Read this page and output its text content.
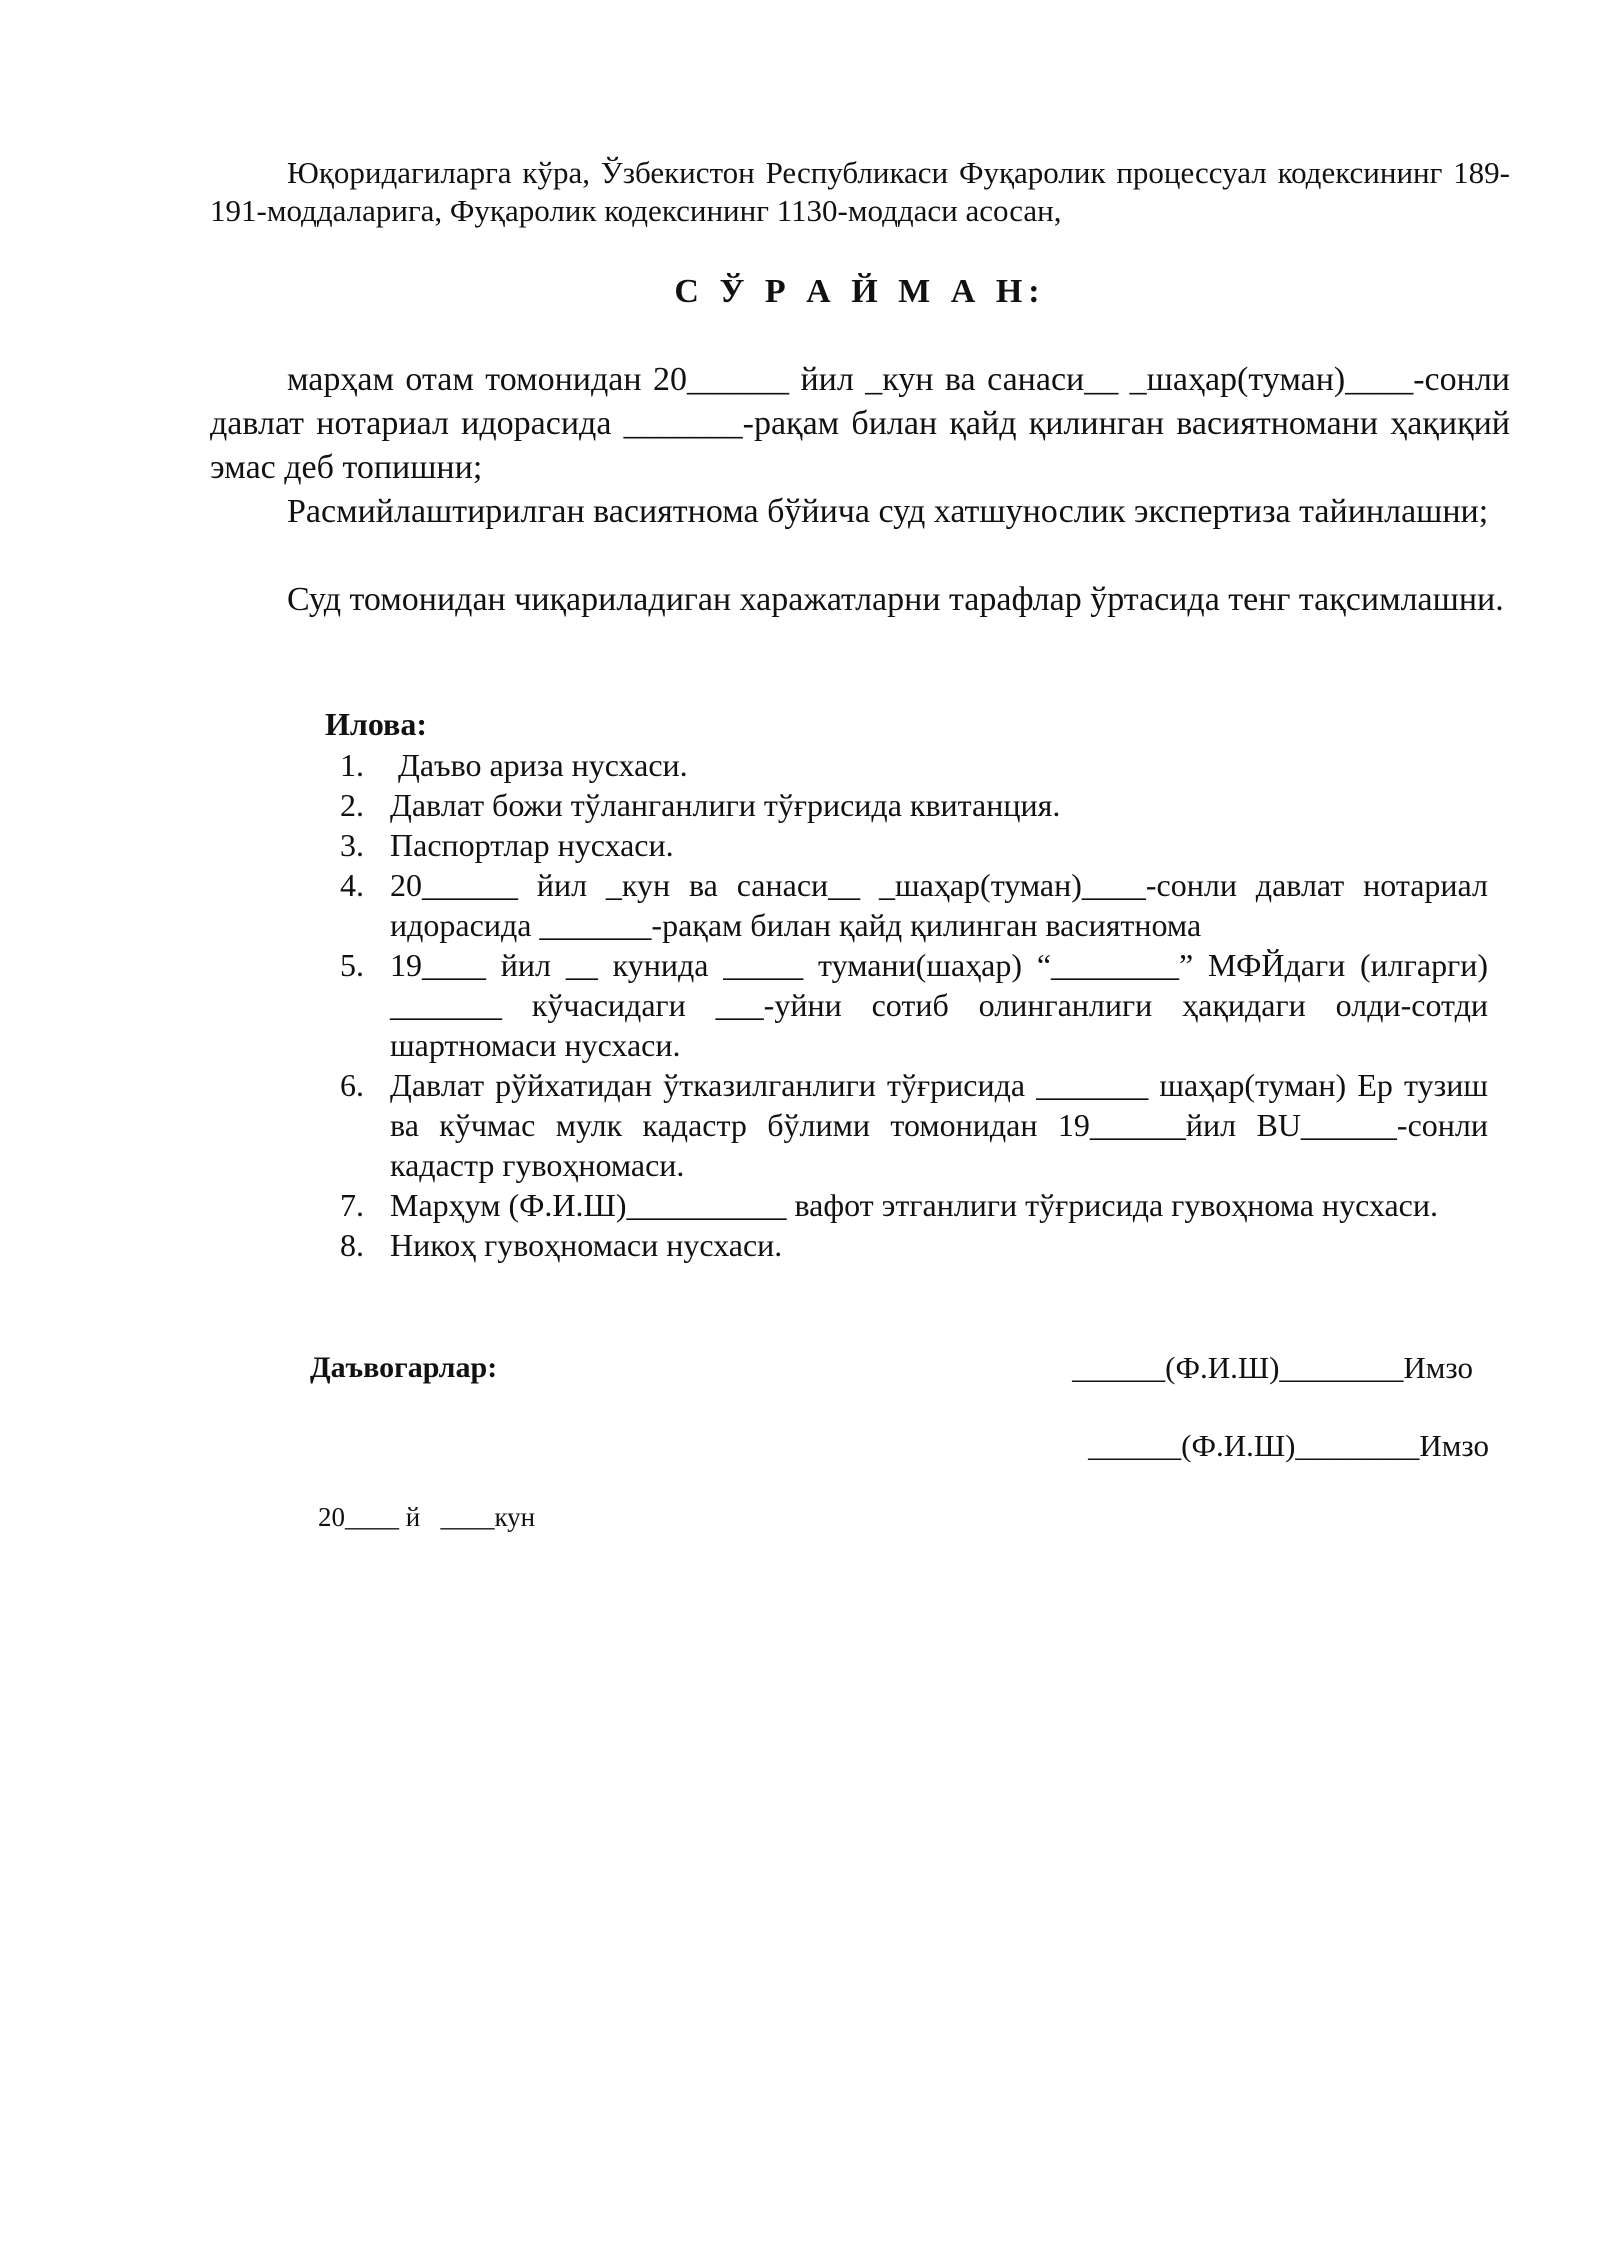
Юқоридагиларга кўра, Ўзбекистон Республикаси Фуқаролик процессуал кодексининг 189-191-моддаларига, Фуқаролик кодексининг 1130-моддаси асосан,

С Ў Р А Й М А Н:

марҳам отам томонидан 20______ йил _кун ва санаси__ _шаҳар(туман)____-сонли давлат нотариал идорасида _______-рақам билан қайд қилинган васиятномани ҳақиқий эмас деб топишни;

Расмийлаштирилган васиятнома бўйича суд хатшунослик экспертиза тайинлашни;

Суд томонидан чиқариладиган харажатларни тарафлар ўртасида тенг тақсимлашни.

Илова:

1. Даъво ариза нусхаси.
2. Давлат божи тўланганлиги тўғрисида квитанция.
3. Паспортлар нусхаси.
4. 20______ йил _кун ва санаси__ _шаҳар(туман)____-сонли давлат нотариал идорасида _______-рақам билан қайд қилинган васиятнома
5. 19____ йил __ кунида _____ тумани(шаҳар) “________” МФЙдаги (илгарги) _______ кўчасидаги ___-уйни сотиб олинганлиги ҳақидаги олди-сотди шартномаси нусхаси.
6. Давлат рўйхатидан ўтказилганлиги тўғрисида _______ шаҳар(туман) Ер тузиш ва кўчмас мулк кадастр бўлими томонидан 19______йил BU______-сонли кадастр гувоҳномаси.
7. Марҳум (Ф.И.Ш)__________ вафот этганлиги тўғрисида гувоҳнома нусхаси.
8. Никоҳ гувоҳномаси нусхаси.
Даъвогарлар:	______(Ф.И.Ш)________Имзо
______(Ф.И.Ш)________Имзо
20____ й   ____кун
